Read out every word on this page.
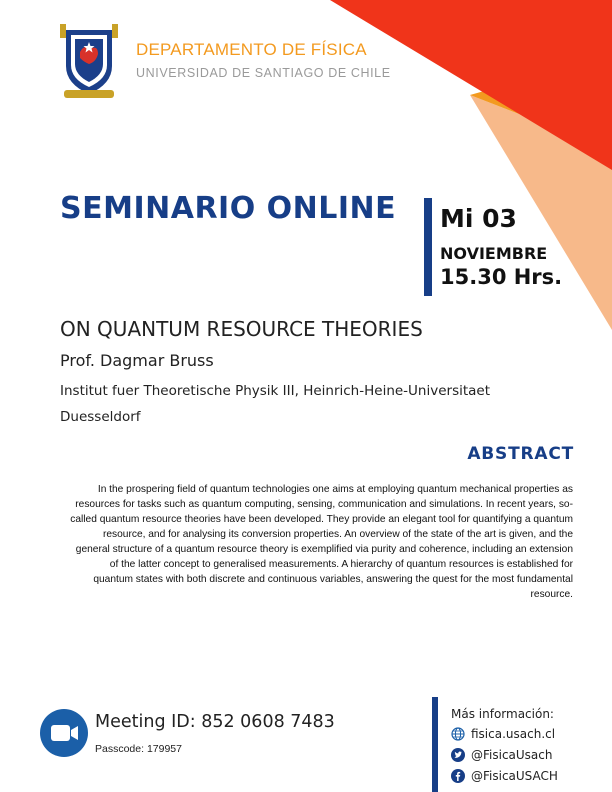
DEPARTAMENTO DE FÍSICA
UNIVERSIDAD DE SANTIAGO DE CHILE
SEMINARIO ONLINE Mi 03
NOVIEMBRE
15.30 Hrs.
ON QUANTUM RESOURCE THEORIES
Prof. Dagmar Bruss
Institut fuer Theoretische Physik III, Heinrich-Heine-Universitaet
Duesseldorf
ABSTRACT
In the prospering field of quantum technologies one aims at employing quantum mechanical properties as resources for tasks such as quantum computing, sensing, communication and simulations. In recent years, so-called quantum resource theories have been developed. They provide an elegant tool for quantifying a quantum resource, and for analysing its conversion properties. An overview of the state of the art is given, and the general structure of a quantum resource theory is exemplified via purity and coherence, including an extension of the latter concept to generalised measurements. A hierarchy of quantum resources is established for quantum states with both discrete and continuous variables, answering the quest for the most fundamental resource.
Meeting ID: 852 0608 7483
Passcode: 179957
Más información:
fisica.usach.cl
@FisicaUsach
@FisicaUSACH
